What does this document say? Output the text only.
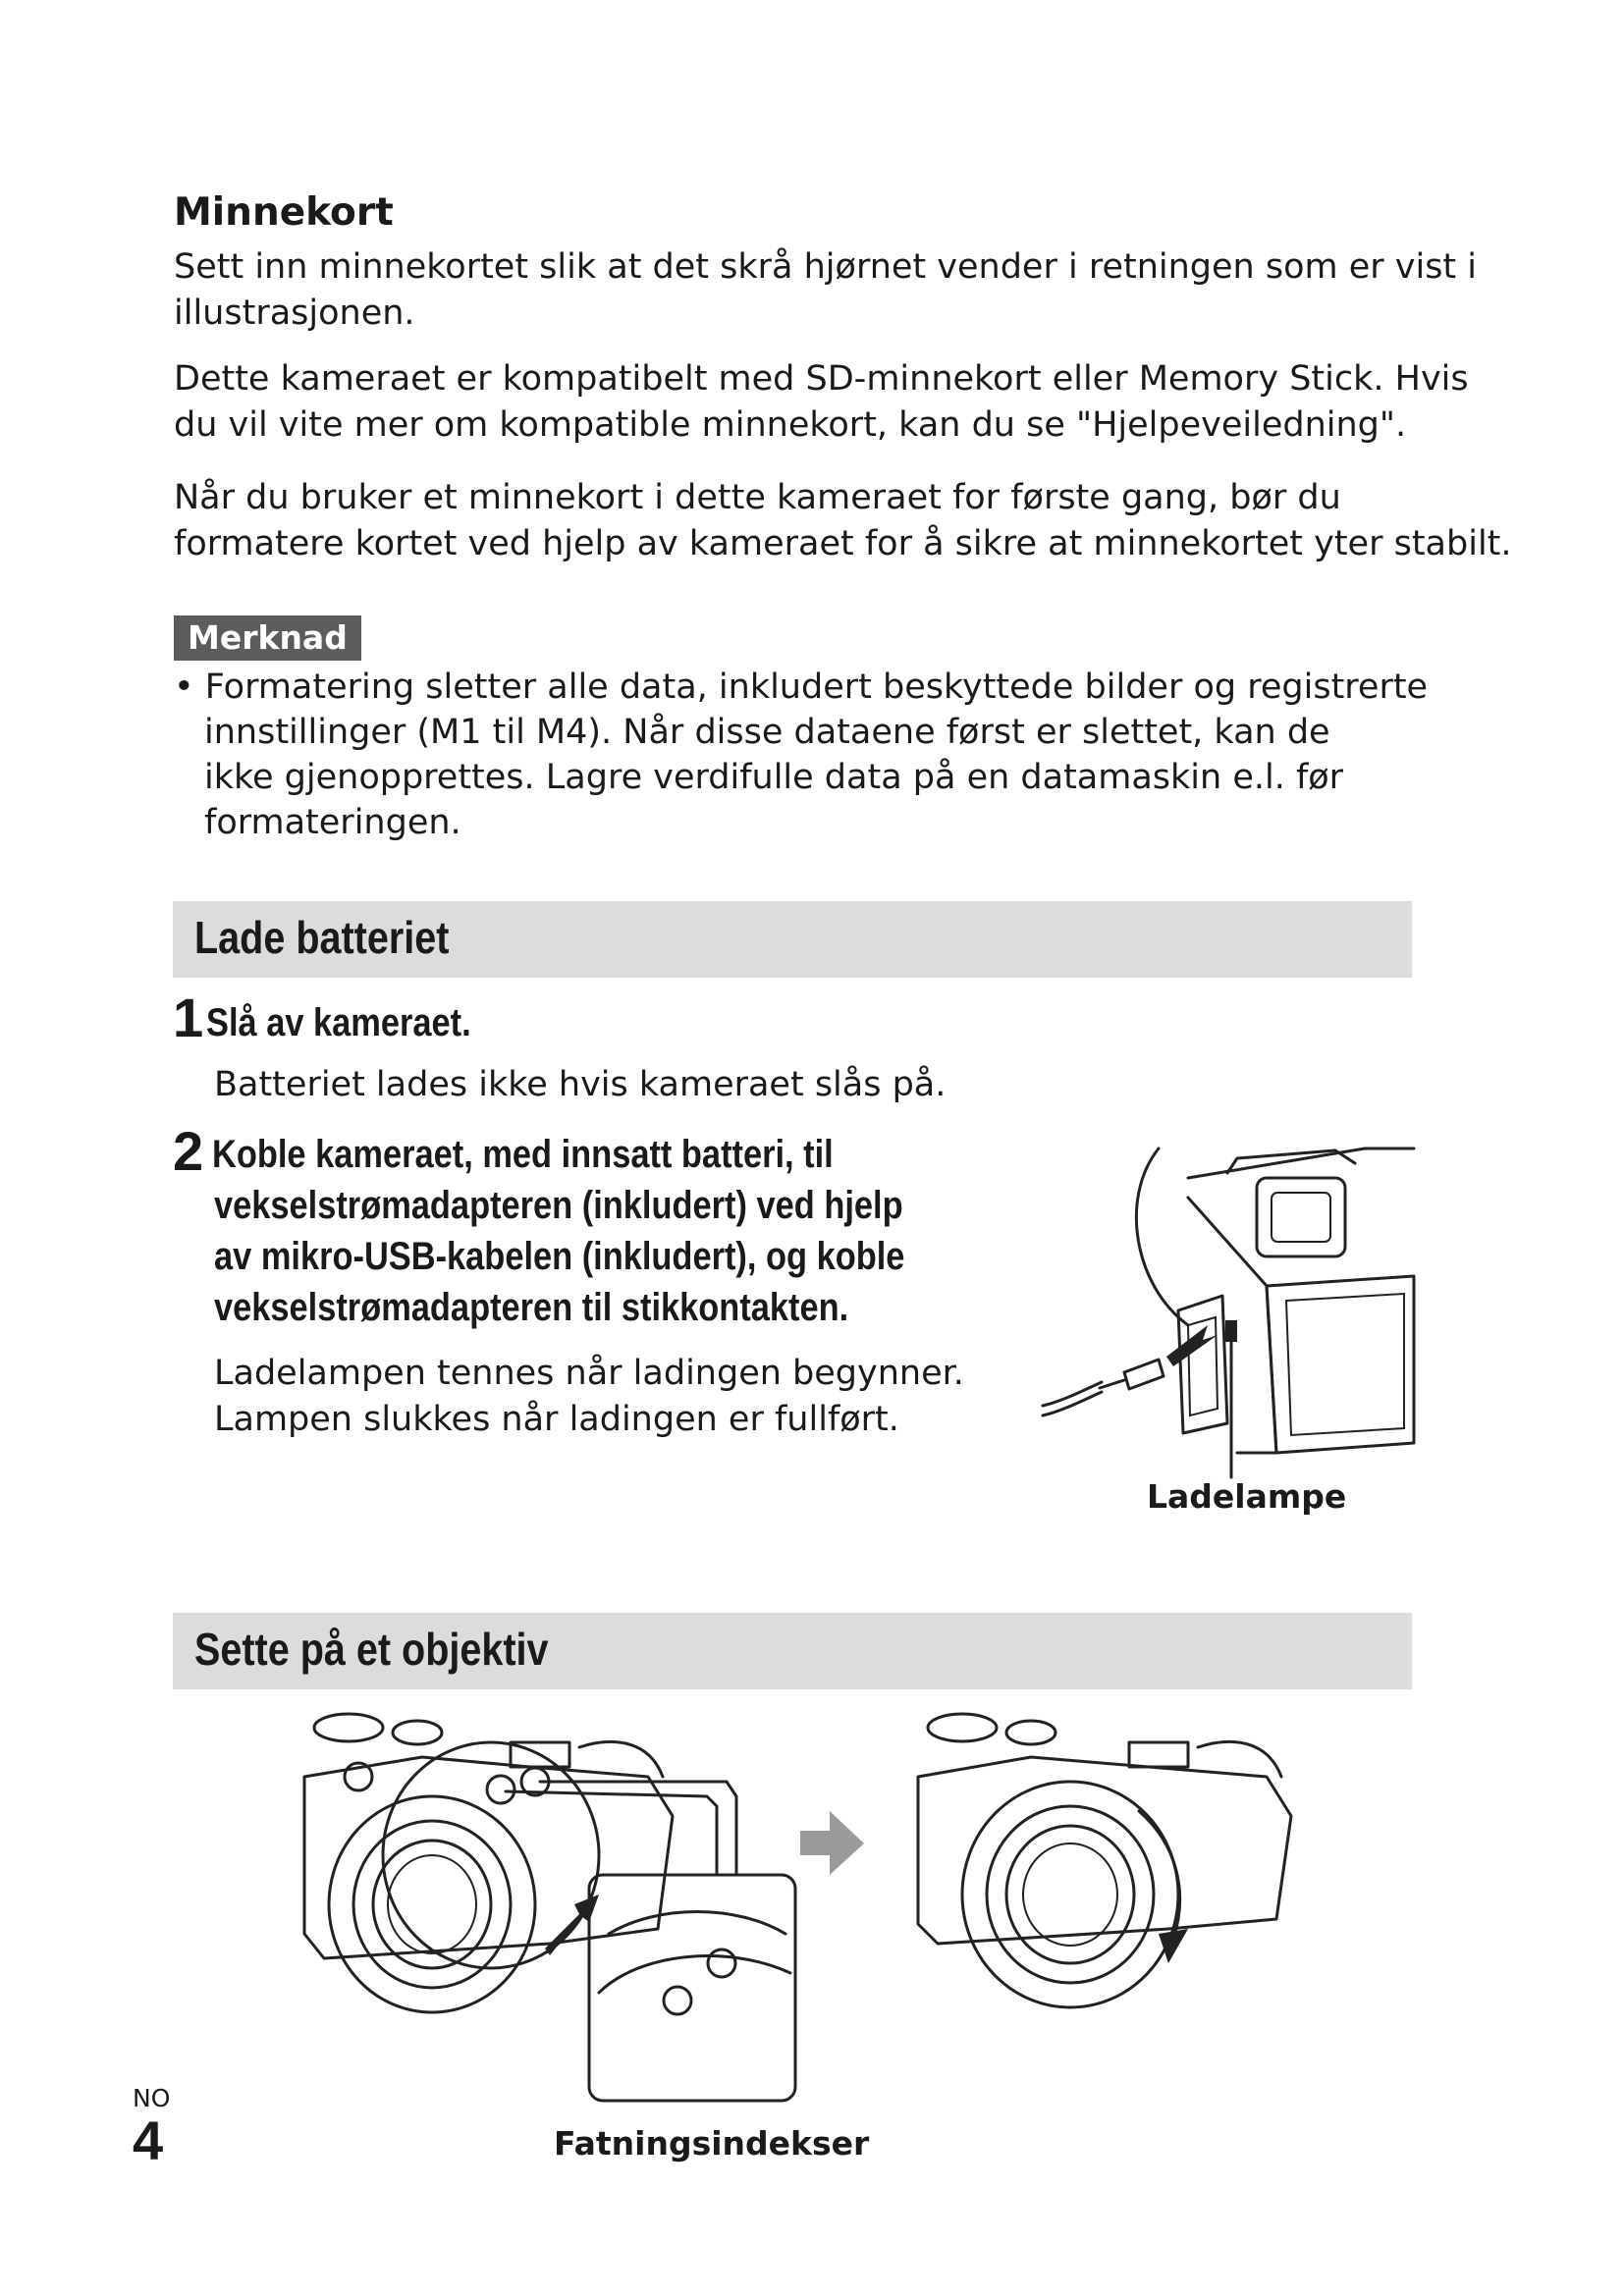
Minnekort

Sett inn minnekortet slik at det skrå hjørnet vender i retningen som er vist i

illustrasjonen.

Dette kameraet er kompatibelt med SD-minnekort eller Memory Stick. Hvis

du vil vite mer om kompatible minnekort, kan du se "Hjelpeveiledning".

Når du bruker et minnekort i dette kameraet for første gang, bør du

formatere kortet ved hjelp av kameraet for å sikre at minnekortet yter stabilt.

Merknad

• Formatering sletter alle data, inkludert beskyttede bilder og registrerte

innstillinger (M1 til M4). Når disse dataene først er slettet, kan de

ikke gjenopprettes. Lagre verdifulle data på en datamaskin e.l. før

formateringen.

Lade batteriet
1 Slå av kameraet.
Batteriet lades ikke hvis kameraet slås på.
2 Koble kameraet, med innsatt batteri, til
vekselstrømadapteren (inkludert) ved hjelp
av mikro-USB-kabelen (inkludert), og koble
vekselstrømadapteren til stikkontakten.

Ladelampen tennes når ladingen begynner.

Lampen slukkes når ladingen er fullført.

Ladelampe
Sette på et objektiv
Fatningsindekser
NO
4
